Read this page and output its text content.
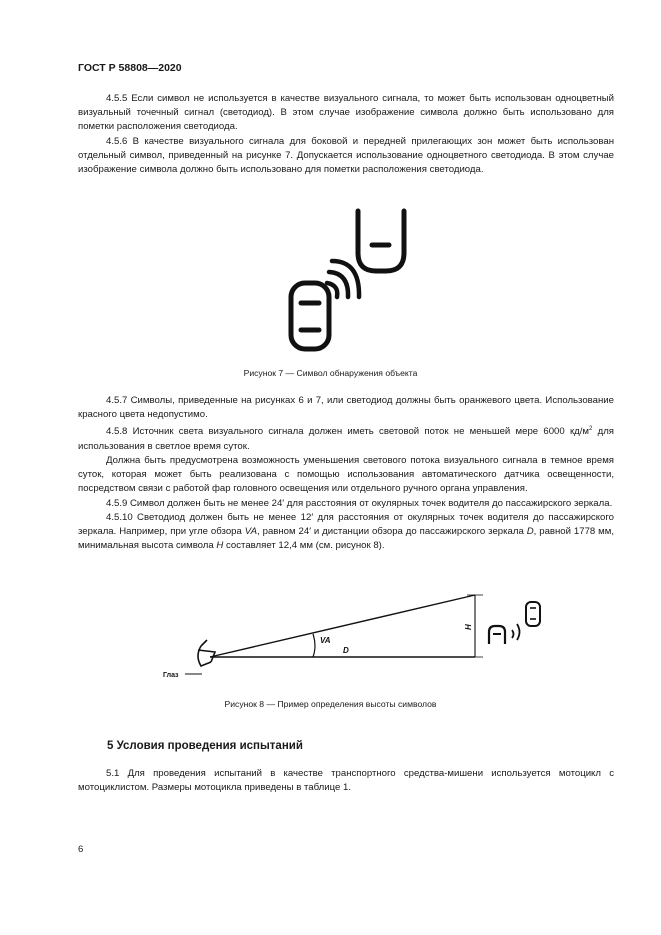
ГОСТ Р 58808—2020

4.5.5 Если символ не используется в качестве визуального сигнала, то может быть использован одноцветный визуальный точечный сигнал (светодиод). В этом случае изображение символа должно быть использовано для пометки расположения светодиода.

4.5.6 В качестве визуального сигнала для боковой и передней прилегающих зон может быть использован отдельный символ, приведенный на рисунке 7. Допускается использование одноцветного светодиода. В этом случае изображение символа должно быть использовано для пометки расположения светодиода.

Рисунок 7 — Символ обнаружения объекта

4.5.7 Символы, приведенные на рисунках 6 и 7, или светодиод должны быть оранжевого цвета. Использование красного цвета недопустимо.

4.5.8 Источник света визуального сигнала должен иметь световой поток не меньшей мере 6000 $кд/м^2$ для использования в светлое время суток.

Должна быть предусмотрена возможность уменьшения светового потока визуального сигнала в темное время суток, которая может быть реализована с помощью использования автоматического датчика освещенности, посредством связи с работой фар головного освещения или отдельного ручного органа управления.

4.5.9 Символ должен быть не менее 24′ для расстояния от окулярных точек водителя до пассажирского зеркала.

4.5.10 Светодиод должен быть не менее 12′ для расстояния от окулярных точек водителя до пассажирского зеркала. Например, при угле обзора VA, равном 24′ и дистанции обзора до пассажирского зеркала D, равной 1778 мм, минимальная высота символа H составляет 12,4 мм (см. рисунок 8).

Глаз
VA
D
H
Рисунок 8 — Пример определения высоты символов
5 Условия проведения испытаний

5.1 Для проведения испытаний в качестве транспортного средства-мишени используется мотоцикл с мотоциклистом. Размеры мотоцикла приведены в таблице 1.

6
